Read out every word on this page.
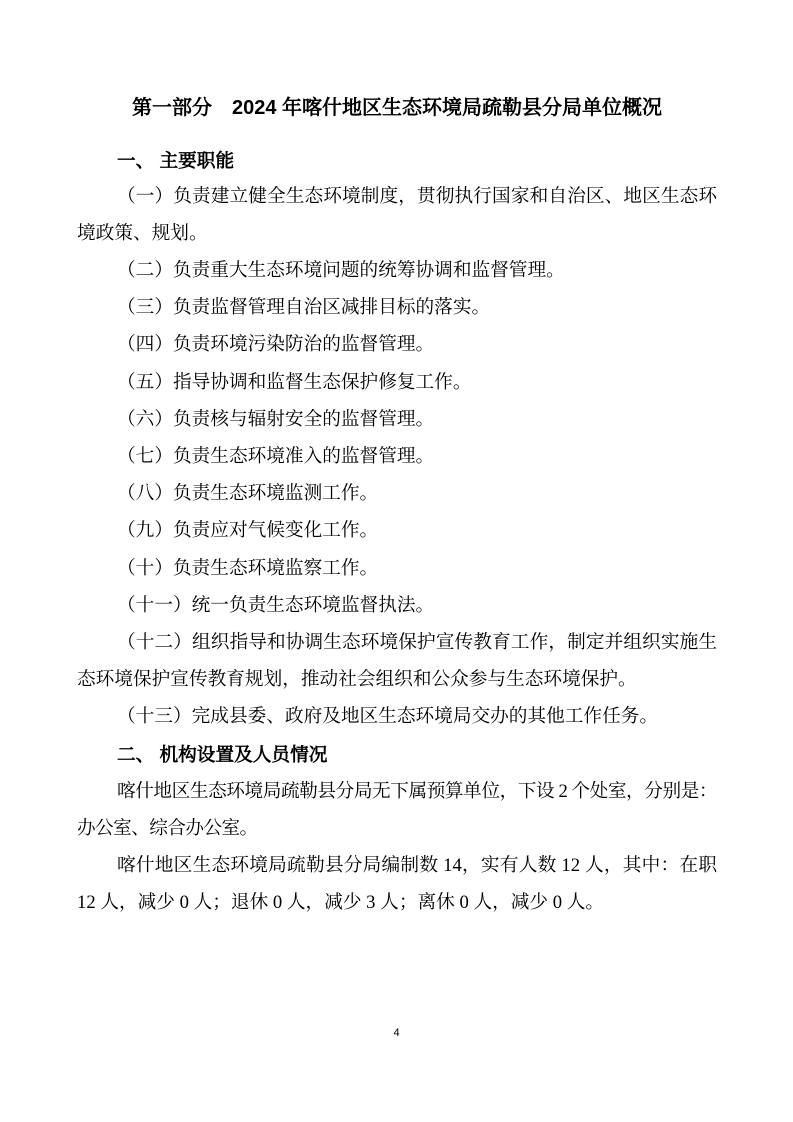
第一部分　2024 年喀什地区生态环境局疏勒县分局单位概况
一、 主要职能

（一）负责建立健全生态环境制度，贯彻执行国家和自治区、地区生态环境政策、规划。

（二）负责重大生态环境问题的统筹协调和监督管理。

（三）负责监督管理自治区减排目标的落实。

（四）负责环境污染防治的监督管理。

（五）指导协调和监督生态保护修复工作。

（六）负责核与辐射安全的监督管理。

（七）负责生态环境准入的监督管理。

（八）负责生态环境监测工作。

（九）负责应对气候变化工作。

（十）负责生态环境监察工作。

（十一）统一负责生态环境监督执法。

（十二）组织指导和协调生态环境保护宣传教育工作，制定并组织实施生态环境保护宣传教育规划，推动社会组织和公众参与生态环境保护。

（十三）完成县委、政府及地区生态环境局交办的其他工作任务。

二、 机构设置及人员情况

喀什地区生态环境局疏勒县分局无下属预算单位，下设 2 个处室，分别是：办公室、综合办公室。

喀什地区生态环境局疏勒县分局编制数 14，实有人数 12 人，其中：在职 12 人，减少 0 人；退休 0 人，减少 3 人；离休 0 人，减少 0 人。

4
